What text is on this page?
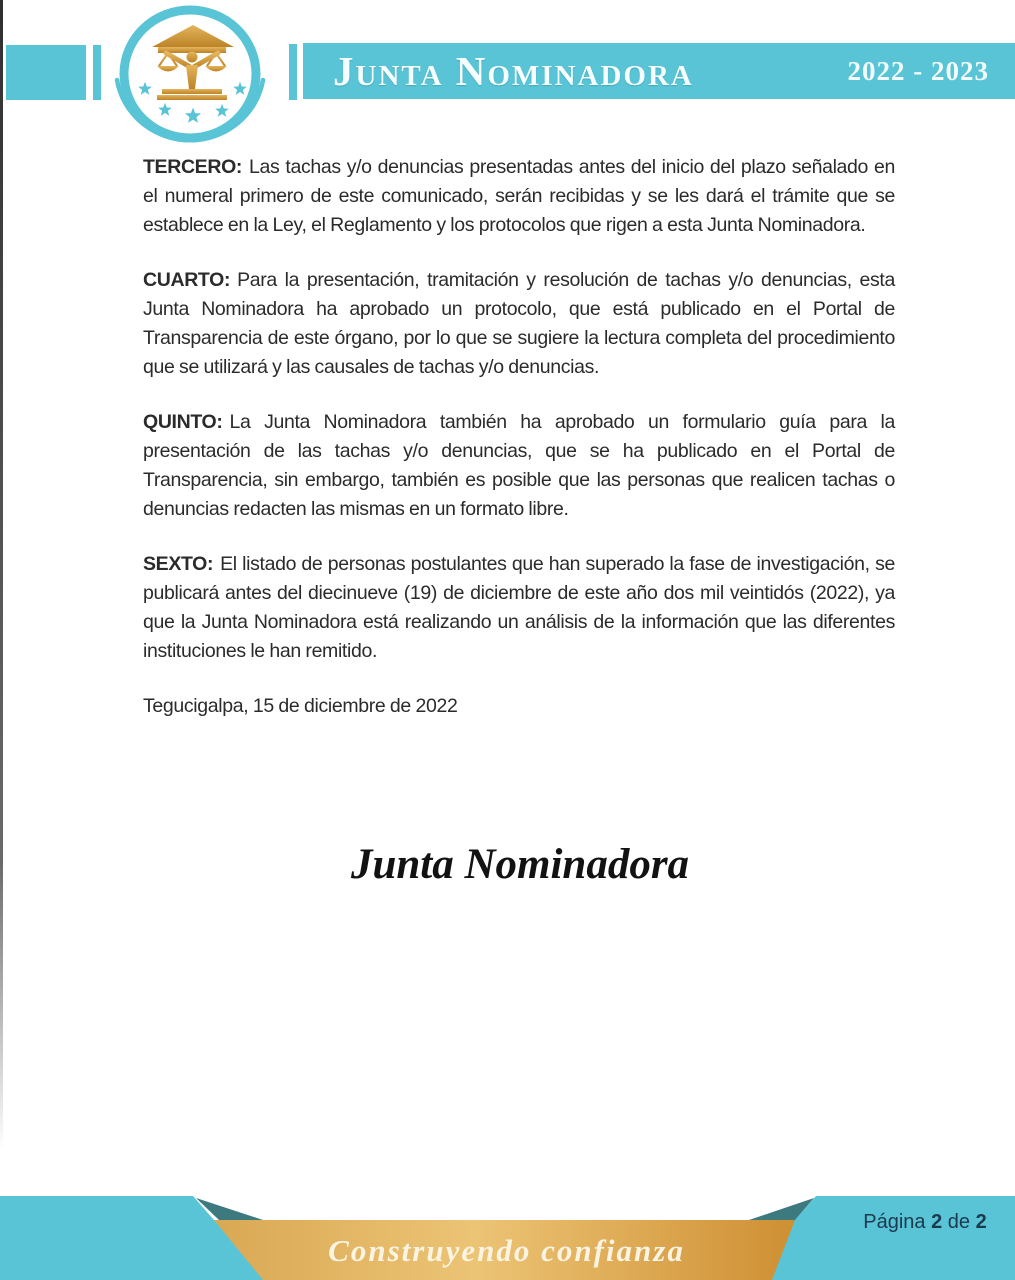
Junta Nominadora	2022 - 2023

TERCERO: Las tachas y/o denuncias presentadas antes del inicio del plazo señalado en el numeral primero de este comunicado, serán recibidas y se les dará el trámite que se establece en la Ley, el Reglamento y los protocolos que rigen a esta Junta Nominadora.

CUARTO: Para la presentación, tramitación y resolución de tachas y/o denuncias, esta Junta Nominadora ha aprobado un protocolo, que está publicado en el Portal de Transparencia de este órgano, por lo que se sugiere la lectura completa del procedimiento que se utilizará y las causales de tachas y/o denuncias.

QUINTO: La Junta Nominadora también ha aprobado un formulario guía para la presentación de las tachas y/o denuncias, que se ha publicado en el Portal de Transparencia, sin embargo, también es posible que las personas que realicen tachas o denuncias redacten las mismas en un formato libre.

SEXTO: El listado de personas postulantes que han superado la fase de investigación, se publicará antes del diecinueve (19) de diciembre de este año dos mil veintidós (2022), ya que la Junta Nominadora está realizando un análisis de la información que las diferentes instituciones le han remitido.

Tegucigalpa, 15 de diciembre de 2022

Junta Nominadora
Construyendo confianza
Página 2 de 2
